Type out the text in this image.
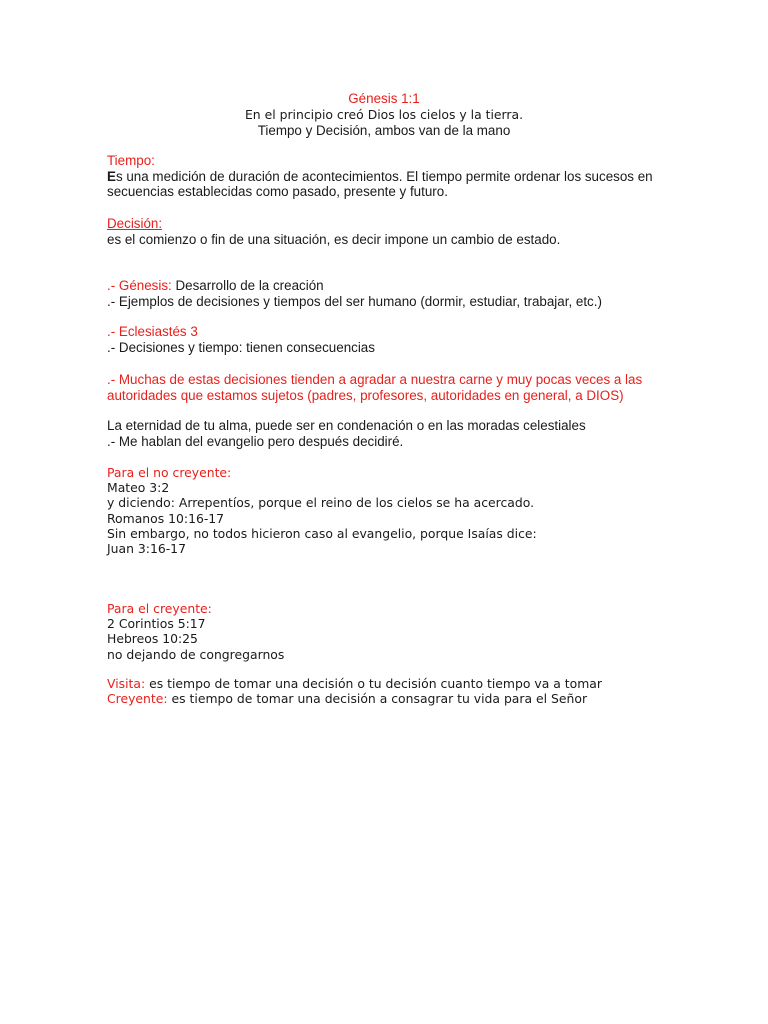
Génesis 1:1
En el principio creó Dios los cielos y la tierra.
Tiempo y Decisión, ambos van de la mano
Tiempo:
Es una medición de duración de acontecimientos. El tiempo permite ordenar los sucesos en
secuencias establecidas como pasado, presente y futuro.
Decisión:
es el comienzo o fin de una situación, es decir impone un cambio de estado.
.- Génesis: Desarrollo de la creación
.- Ejemplos de decisiones y tiempos del ser humano (dormir, estudiar, trabajar, etc.)
.- Eclesiastés 3
.- Decisiones y tiempo: tienen consecuencias
.- Muchas de estas decisiones tienden a agradar a nuestra carne y muy pocas veces a las
autoridades que estamos sujetos (padres, profesores, autoridades en general, a DIOS)
La eternidad de tu alma, puede ser en condenación o en las moradas celestiales
.- Me hablan del evangelio pero después decidiré.
Para el no creyente:
Mateo 3:2
y diciendo: Arrepentíos, porque el reino de los cielos se ha acercado.
Romanos 10:16-17
Sin embargo, no todos hicieron caso al evangelio, porque Isaías dice:
Juan 3:16-17
Para el creyente:
2 Corintios 5:17
Hebreos 10:25
no dejando de congregarnos
Visita: es tiempo de tomar una decisión o tu decisión cuanto tiempo va a tomar
Creyente: es tiempo de tomar una decisión a consagrar tu vida para el Señor
